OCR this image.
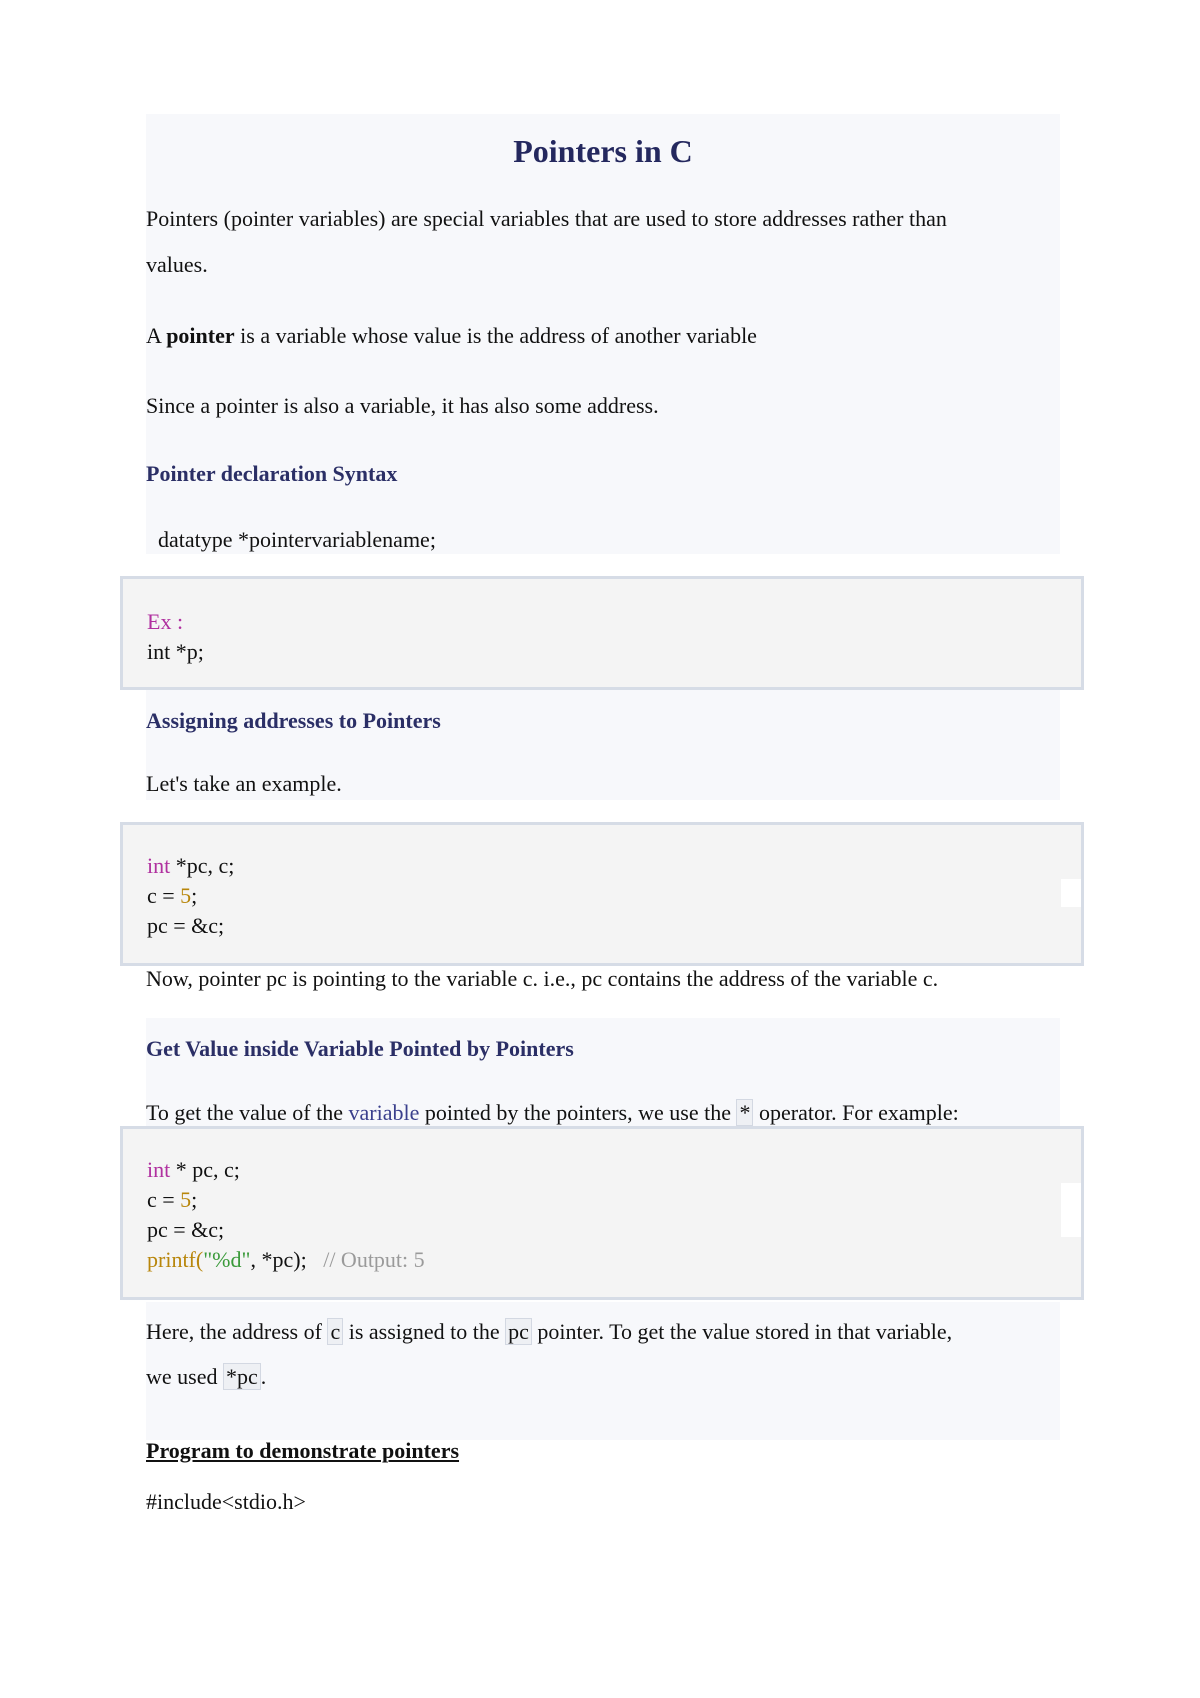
Pointers in C
Pointers (pointer variables) are special variables that are used to store addresses rather than
values.
A pointer is a variable whose value is the address of another variable
Since a pointer is also a variable, it has also some address.
Pointer declaration Syntax
datatype *pointervariablename;
Ex :
int *p;
Assigning addresses to Pointers
Let's take an example.
int *pc, c;
c = 5;
pc = &c;
Now, pointer pc is pointing to the variable c. i.e., pc contains the address of the variable c.
Get Value inside Variable Pointed by Pointers
To get the value of the variable pointed by the pointers, we use the * operator. For example:
int * pc, c;
c = 5;
pc = &c;
printf("%d", *pc);   // Output: 5
Here, the address of c is assigned to the pc pointer. To get the value stored in that variable,
we used *pc .
Program to demonstrate pointers
#include<stdio.h>
